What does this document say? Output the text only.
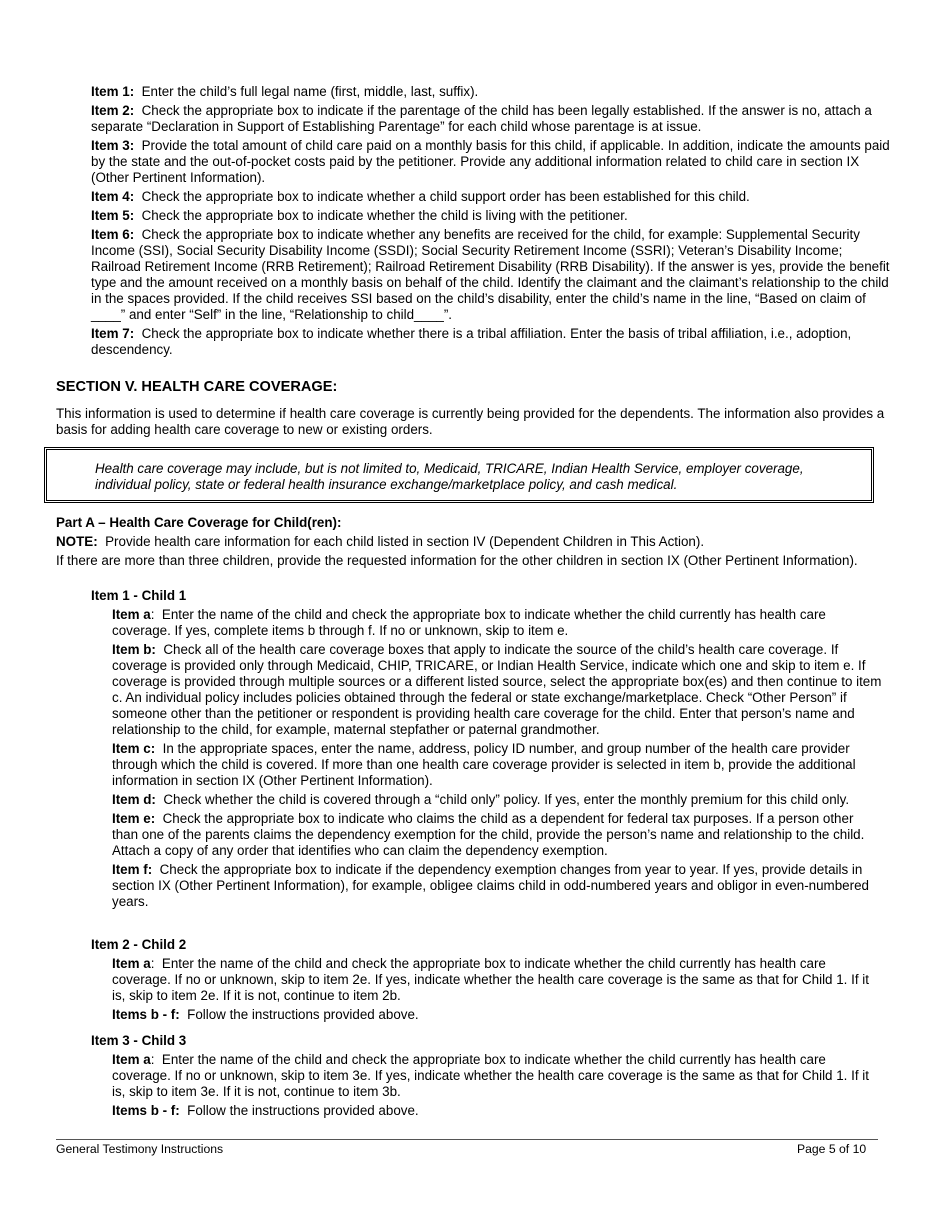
Item 1: Enter the child’s full legal name (first, middle, last, suffix).

Item 2: Check the appropriate box to indicate if the parentage of the child has been legally established. If the answer is no, attach a separate “Declaration in Support of Establishing Parentage” for each child whose parentage is at issue.

Item 3: Provide the total amount of child care paid on a monthly basis for this child, if applicable. In addition, indicate the amounts paid by the state and the out-of-pocket costs paid by the petitioner. Provide any additional information related to child care in section IX (Other Pertinent Information).

Item 4: Check the appropriate box to indicate whether a child support order has been established for this child.

Item 5: Check the appropriate box to indicate whether the child is living with the petitioner.

Item 6: Check the appropriate box to indicate whether any benefits are received for the child, for example: Supplemental Security Income (SSI), Social Security Disability Income (SSDI); Social Security Retirement Income (SSRI); Veteran’s Disability Income; Railroad Retirement Income (RRB Retirement); Railroad Retirement Disability (RRB Disability). If the answer is yes, provide the benefit type and the amount received on a monthly basis on behalf of the child. Identify the claimant and the claimant’s relationship to the child in the spaces provided. If the child receives SSI based on the child’s disability, enter the child’s name in the line, “Based on claim of ____” and enter “Self” in the line, “Relationship to child____”.

Item 7: Check the appropriate box to indicate whether there is a tribal affiliation. Enter the basis of tribal affiliation, i.e., adoption, descendency.

SECTION V. HEALTH CARE COVERAGE:
This information is used to determine if health care coverage is currently being provided for the dependents. The information also provides a basis for adding health care coverage to new or existing orders.
Health care coverage may include, but is not limited to, Medicaid, TRICARE, Indian Health Service, employer coverage, individual policy, state or federal health insurance exchange/marketplace policy, and cash medical.
Part A – Health Care Coverage for Child(ren):
NOTE: Provide health care information for each child listed in section IV (Dependent Children in This Action).
If there are more than three children, provide the requested information for the other children in section IX (Other Pertinent Information).
Item 1 - Child 1

Item a: Enter the name of the child and check the appropriate box to indicate whether the child currently has health care coverage. If yes, complete items b through f. If no or unknown, skip to item e.

Item b: Check all of the health care coverage boxes that apply to indicate the source of the child’s health care coverage. If coverage is provided only through Medicaid, CHIP, TRICARE, or Indian Health Service, indicate which one and skip to item e. If coverage is provided through multiple sources or a different listed source, select the appropriate box(es) and then continue to item c. An individual policy includes policies obtained through the federal or state exchange/marketplace. Check “Other Person” if someone other than the petitioner or respondent is providing health care coverage for the child. Enter that person’s name and relationship to the child, for example, maternal stepfather or paternal grandmother.

Item c: In the appropriate spaces, enter the name, address, policy ID number, and group number of the health care provider through which the child is covered. If more than one health care coverage provider is selected in item b, provide the additional information in section IX (Other Pertinent Information).

Item d: Check whether the child is covered through a “child only” policy. If yes, enter the monthly premium for this child only.

Item e: Check the appropriate box to indicate who claims the child as a dependent for federal tax purposes. If a person other than one of the parents claims the dependency exemption for the child, provide the person’s name and relationship to the child. Attach a copy of any order that identifies who can claim the dependency exemption.

Item f: Check the appropriate box to indicate if the dependency exemption changes from year to year. If yes, provide details in section IX (Other Pertinent Information), for example, obligee claims child in odd-numbered years and obligor in even-numbered years.

Item 2 - Child 2

Item a: Enter the name of the child and check the appropriate box to indicate whether the child currently has health care coverage. If no or unknown, skip to item 2e. If yes, indicate whether the health care coverage is the same as that for Child 1. If it is, skip to item 2e. If it is not, continue to item 2b.

Items b - f: Follow the instructions provided above.

Item 3 - Child 3

Item a: Enter the name of the child and check the appropriate box to indicate whether the child currently has health care coverage. If no or unknown, skip to item 3e. If yes, indicate whether the health care coverage is the same as that for Child 1. If it is, skip to item 3e. If it is not, continue to item 3b.

Items b - f: Follow the instructions provided above.

General Testimony Instructions	Page 5 of 10
